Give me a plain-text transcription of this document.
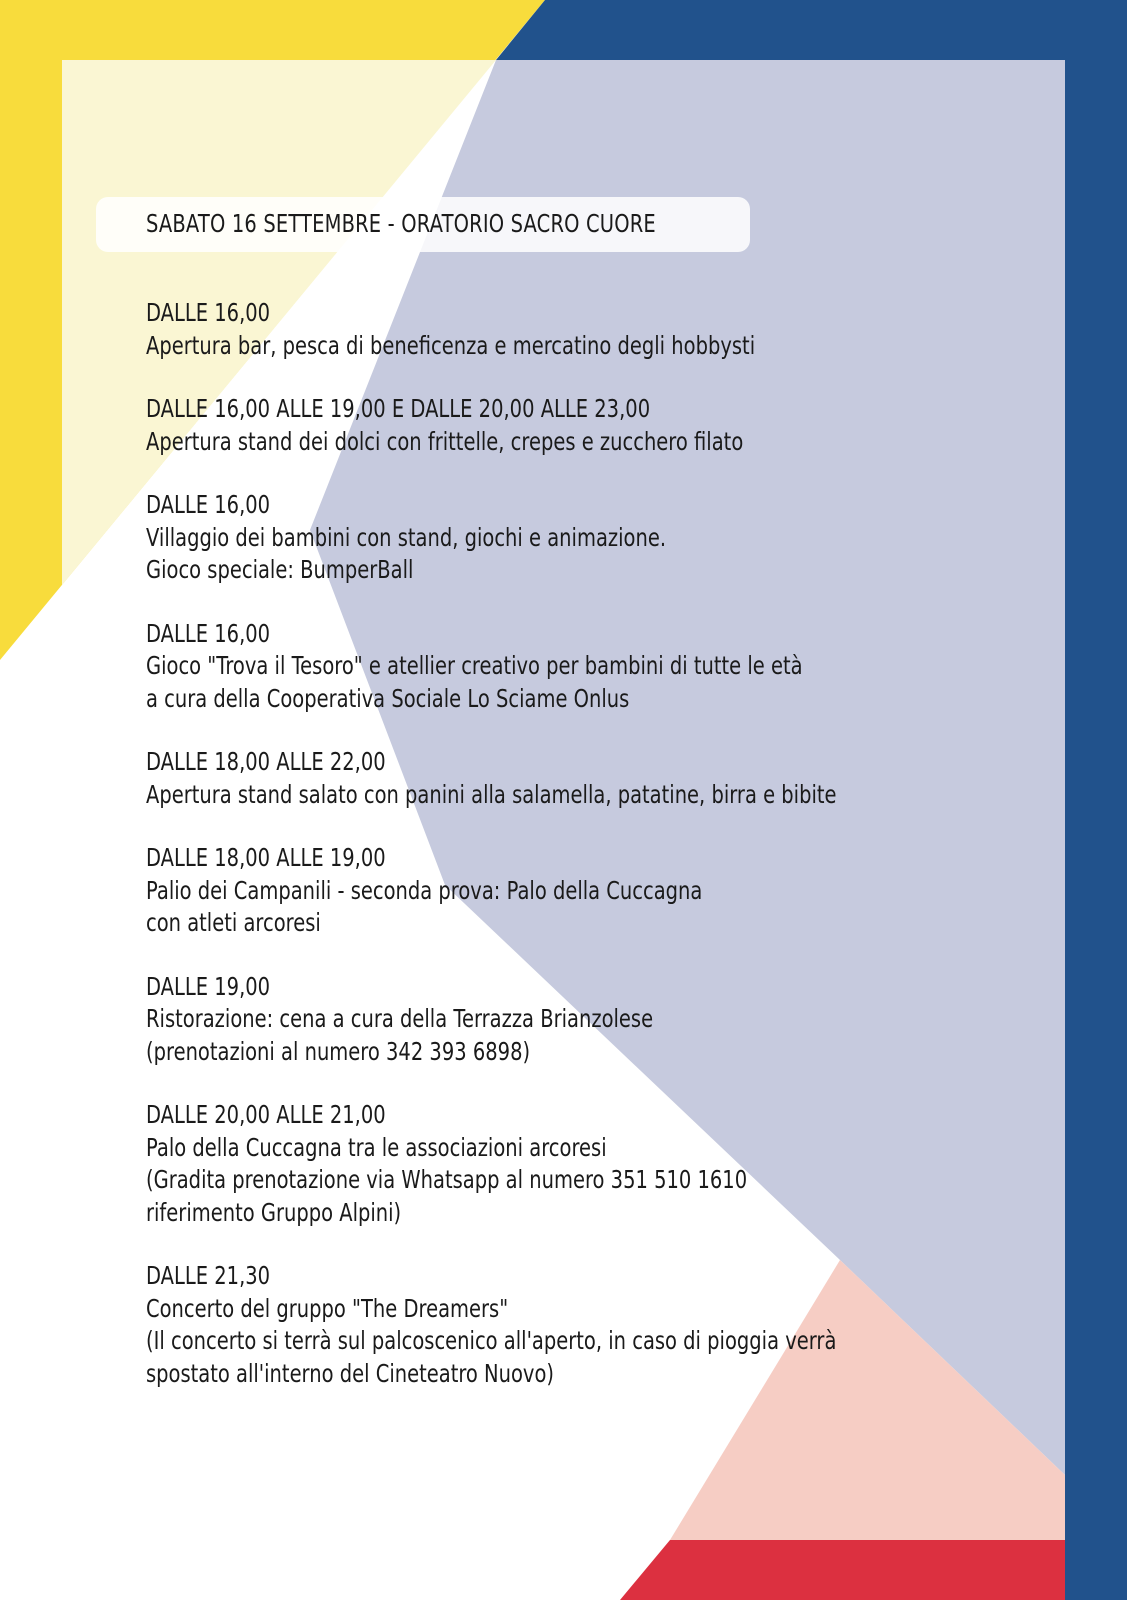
SABATO 16 SETTEMBRE - ORATORIO SACRO CUORE
DALLE 16,00
Apertura bar, pesca di beneficenza e mercatino degli hobbysti
DALLE 16,00 ALLE 19,00 E DALLE 20,00 ALLE 23,00
Apertura stand dei dolci con frittelle, crepes e zucchero filato
DALLE 16,00
Villaggio dei bambini con stand, giochi e animazione.
Gioco speciale: BumperBall
DALLE 16,00
Gioco "Trova il Tesoro" e atellier creativo per bambini di tutte le età
a cura della Cooperativa Sociale Lo Sciame Onlus
DALLE 18,00 ALLE 22,00
Apertura stand salato con panini alla salamella, patatine, birra e bibite
DALLE 18,00 ALLE 19,00
Palio dei Campanili - seconda prova: Palo della Cuccagna
con atleti arcoresi
DALLE 19,00
Ristorazione: cena a cura della Terrazza Brianzolese
(prenotazioni al numero 342 393 6898)
DALLE 20,00 ALLE 21,00
Palo della Cuccagna tra le associazioni arcoresi
(Gradita prenotazione via Whatsapp al numero 351 510 1610
riferimento Gruppo Alpini)
DALLE 21,30
Concerto del gruppo "The Dreamers"
(Il concerto si terrà sul palcoscenico all'aperto, in caso di pioggia verrà
spostato all'interno del Cineteatro Nuovo)
